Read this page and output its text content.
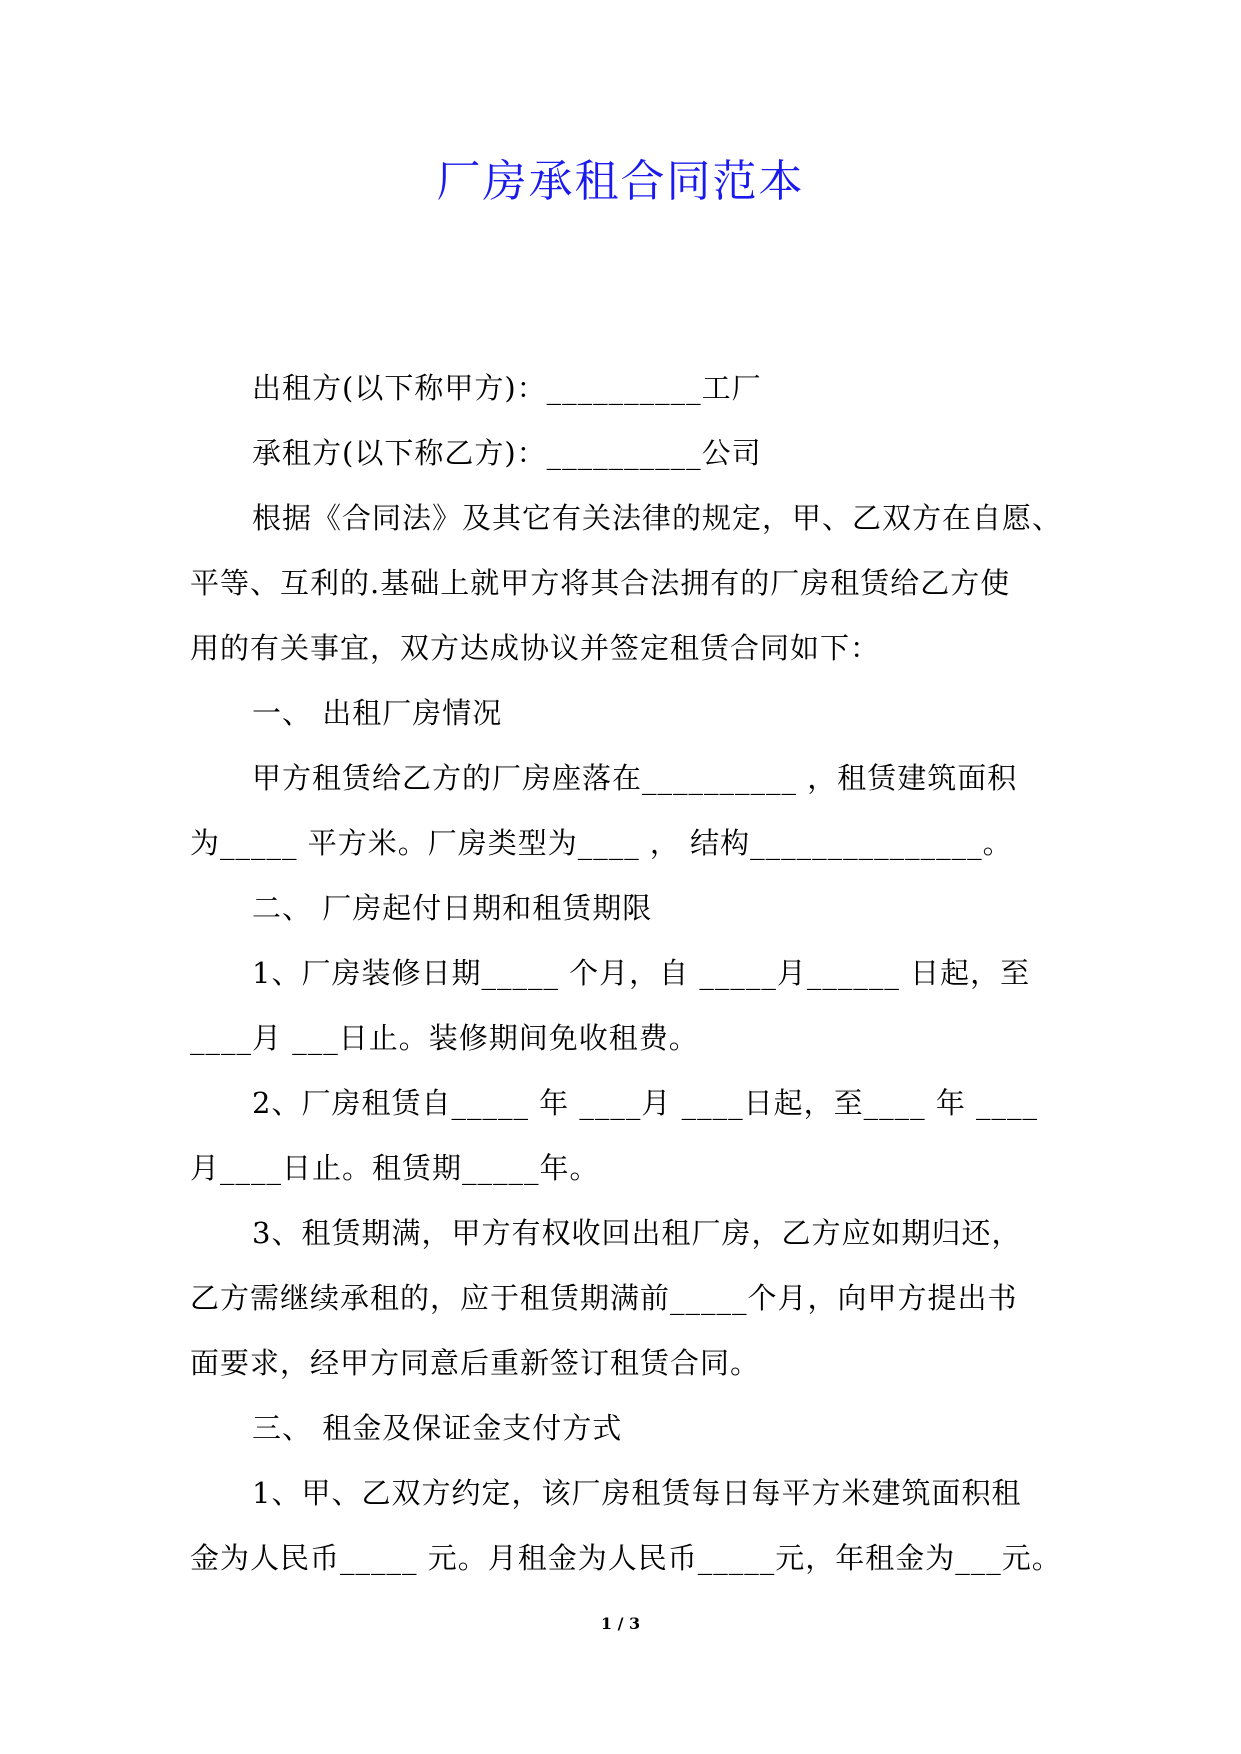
厂房承租合同范本

出租方(以下称甲方)：__________工厂

承租方(以下称乙方)：__________公司

根据《合同法》及其它有关法律的规定，甲、乙双方在自愿、

平等、互利的.基础上就甲方将其合法拥有的厂房租赁给乙方使

用的有关事宜，双方达成协议并签定租赁合同如下：

一、 出租厂房情况

甲方租赁给乙方的厂房座落在__________ ，租赁建筑面积

为_____ 平方米。厂房类型为____ ， 结构_______________。

二、 厂房起付日期和租赁期限

1、厂房装修日期_____ 个月，自 _____月______ 日起，至

____月 ___日止。装修期间免收租费。

2、厂房租赁自_____ 年 ____月 ____日起，至____ 年 ____

月____日止。租赁期_____年。

3、租赁期满，甲方有权收回出租厂房，乙方应如期归还，

乙方需继续承租的，应于租赁期满前_____个月，向甲方提出书

面要求，经甲方同意后重新签订租赁合同。

三、 租金及保证金支付方式

1、甲、乙双方约定，该厂房租赁每日每平方米建筑面积租

金为人民币_____ 元。月租金为人民币_____元，年租金为___元。

1 / 3
